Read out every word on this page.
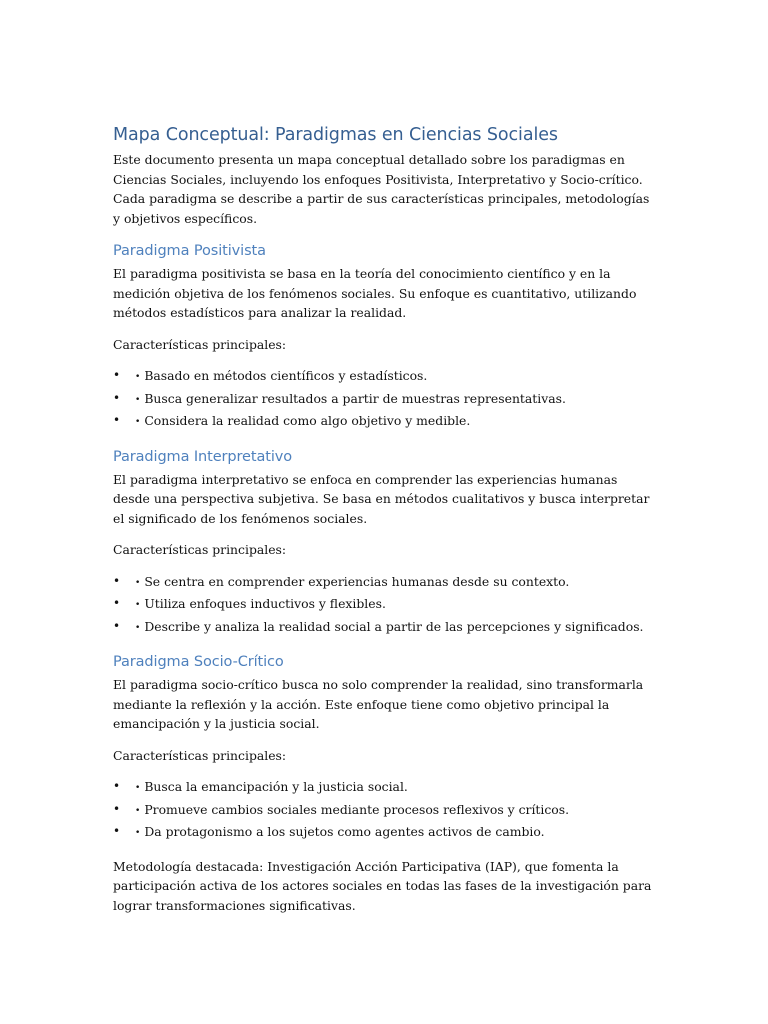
Mapa Conceptual: Paradigmas en Ciencias Sociales

Este documento presenta un mapa conceptual detallado sobre los paradigmas en Ciencias Sociales, incluyendo los enfoques Positivista, Interpretativo y Socio-crítico. Cada paradigma se describe a partir de sus características principales, metodologías y objetivos específicos.

Paradigma Positivista

El paradigma positivista se basa en la teoría del conocimiento científico y en la medición objetiva de los fenómenos sociales. Su enfoque es cuantitativo, utilizando métodos estadísticos para analizar la realidad.

Características principales:

• • Basado en métodos científicos y estadísticos.
• • Busca generalizar resultados a partir de muestras representativas.
• • Considera la realidad como algo objetivo y medible.
Paradigma Interpretativo

El paradigma interpretativo se enfoca en comprender las experiencias humanas desde una perspectiva subjetiva. Se basa en métodos cualitativos y busca interpretar el significado de los fenómenos sociales.

Características principales:

• • Se centra en comprender experiencias humanas desde su contexto.
• • Utiliza enfoques inductivos y flexibles.
• • Describe y analiza la realidad social a partir de las percepciones y significados.
Paradigma Socio-Crítico

El paradigma socio-crítico busca no solo comprender la realidad, sino transformarla mediante la reflexión y la acción. Este enfoque tiene como objetivo principal la emancipación y la justicia social.

Características principales:

• • Busca la emancipación y la justicia social.
• • Promueve cambios sociales mediante procesos reflexivos y críticos.
• • Da protagonismo a los sujetos como agentes activos de cambio.

Metodología destacada: Investigación Acción Participativa (IAP), que fomenta la participación activa de los actores sociales en todas las fases de la investigación para lograr transformaciones significativas.
